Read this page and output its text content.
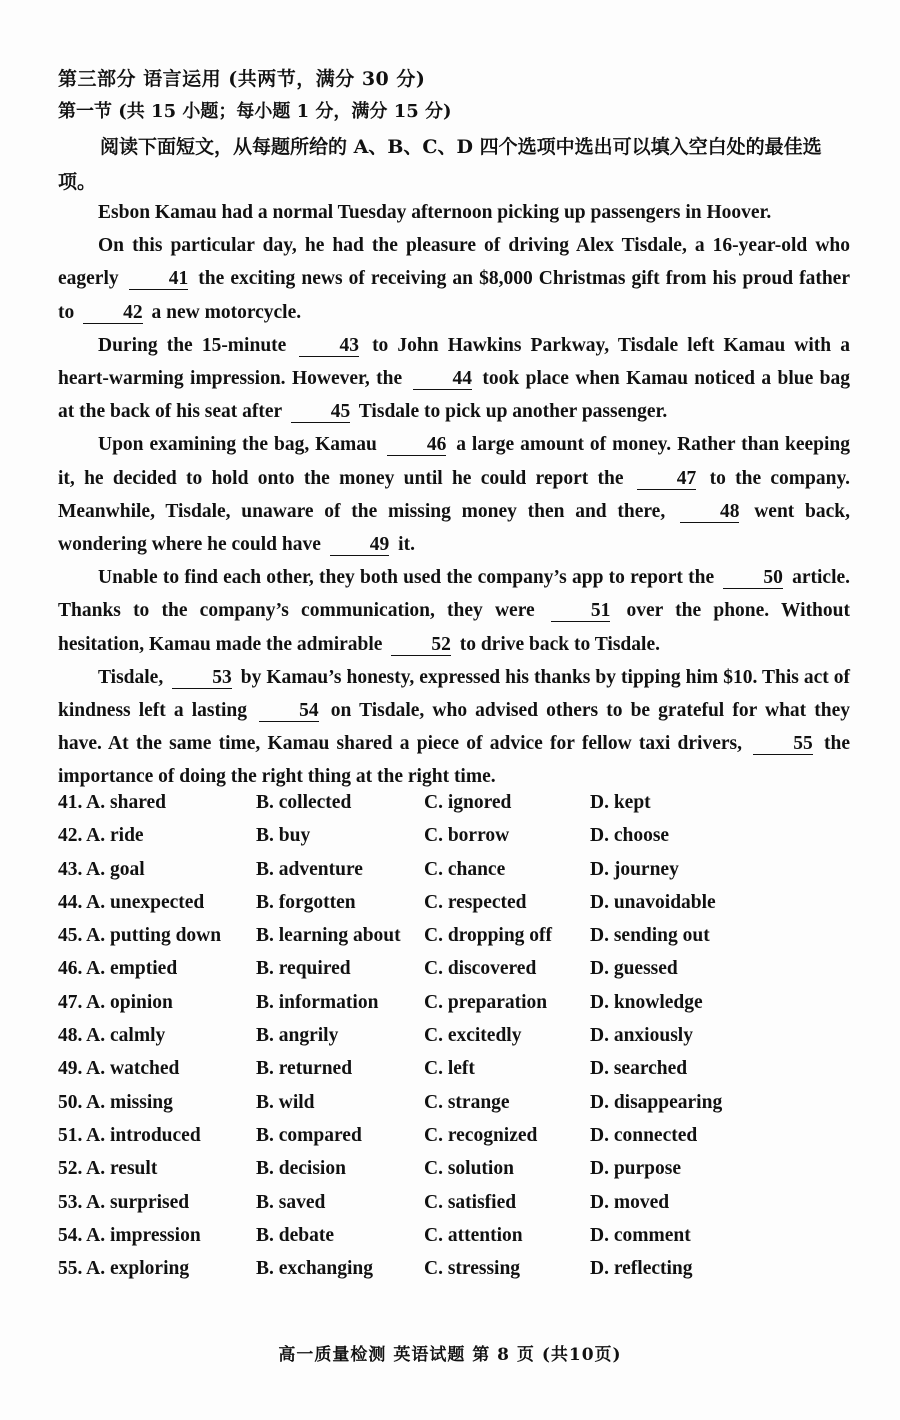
第三部分 语言运用 (共两节，满分 30 分)
第一节 (共 15 小题；每小题 1 分，满分 15 分)
阅读下面短文，从每题所给的 A、B、C、D 四个选项中选出可以填入空白处的最佳选项。

Esbon Kamau had a normal Tuesday afternoon picking up passengers in Hoover.

On this particular day, he had the pleasure of driving Alex Tisdale, a 16-year-old who eagerly	41 the exciting news of receiving an $8,000 Christmas gift from his proud father to	42 a new motorcycle.

During the 15-minute	43 to John Hawkins Parkway, Tisdale left Kamau with a heart-warming impression. However, the	44 took place when Kamau noticed a blue bag at the back of his seat after	45 Tisdale to pick up another passenger.

Upon examining the bag, Kamau	46 a large amount of money. Rather than keeping it, he decided to hold onto the money until he could report the	47 to the company. Meanwhile, Tisdale, unaware of the missing money then and there,	48 went back, wondering where he could have	49 it.

Unable to find each other, they both used the company’s app to report the	50 article. Thanks to the company’s communication, they were	51 over the phone. Without hesitation, Kamau made the admirable	52 to drive back to Tisdale.

Tisdale,	53 by Kamau’s honesty, expressed his thanks by tipping him $10. This act of kindness left a lasting	54 on Tisdale, who advised others to be grateful for what they have. At the same time, Kamau shared a piece of advice for fellow taxi drivers,	55 the importance of doing the right thing at the right time.

41. A. shared	B. collected	C. ignored	D. kept
42. A. ride	B. buy	C. borrow	D. choose
43. A. goal	B. adventure	C. chance	D. journey
44. A. unexpected	B. forgotten	C. respected	D. unavoidable
45. A. putting down B. learning about C. dropping off D. sending out
46. A. emptied	B. required	C. discovered	D. guessed
47. A. opinion	B. information C. preparation D. knowledge
48. A. calmly	B. angrily	C. excitedly	D. anxiously
49. A. watched	B. returned	C. left	D. searched
50. A. missing	B. wild	C. strange	D. disappearing
51. A. introduced	B. compared	C. recognized	D. connected
52. A. result	B. decision	C. solution	D. purpose
53. A. surprised	B. saved	C. satisfied	D. moved
54. A. impression	B. debate	C. attention	D. comment
55. A. exploring	B. exchanging	C. stressing	D. reflecting
高一质量检测 英语试题 第 8 页 (共10页)
